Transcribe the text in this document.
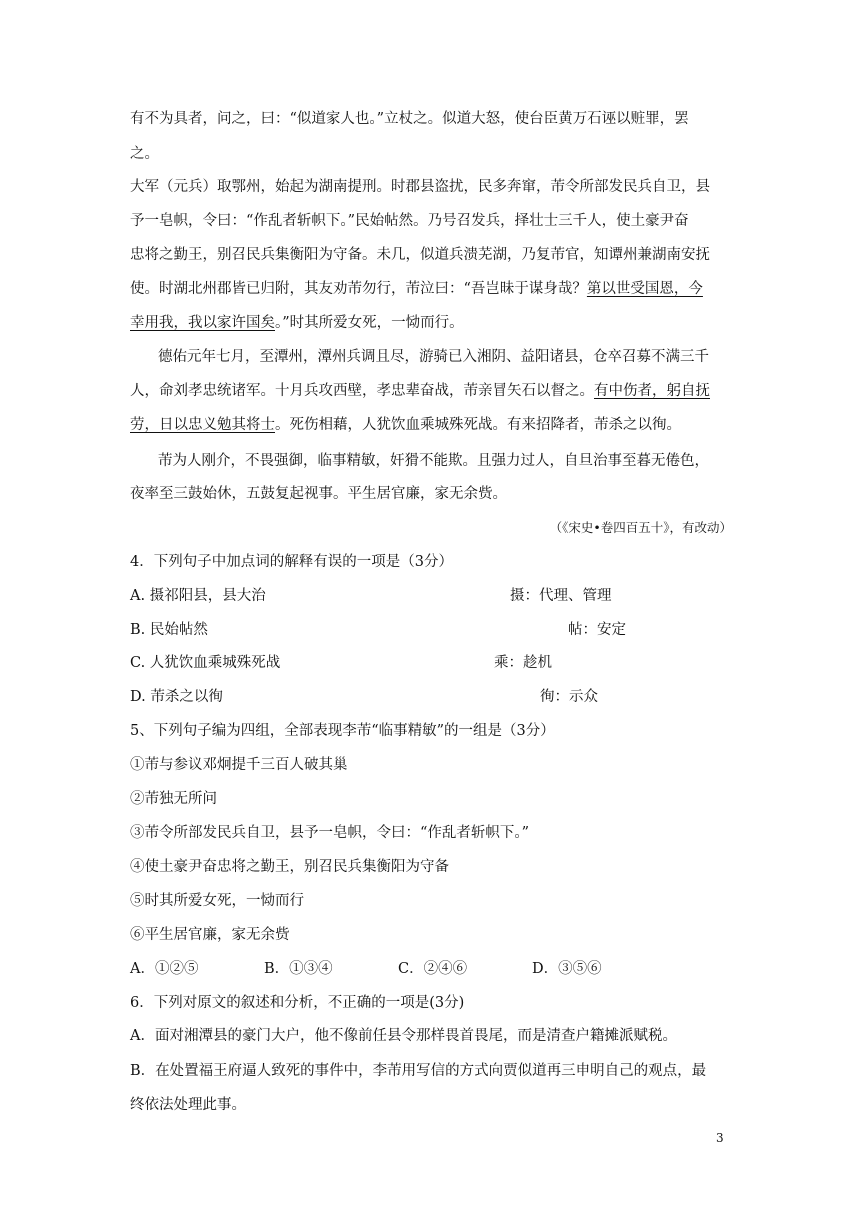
有不为具者，问之，曰：“似道家人也。”立杖之。似道大怒，使台臣黄万石诬以赃罪，罢
之。
大军（元兵）取鄂州，始起为湖南提刑。时郡县盗扰，民多奔窜，芾令所部发民兵自卫，县
予一皂帜，令曰：“作乱者斩帜下。”民始帖然。乃号召发兵，择壮士三千人，使土豪尹奋
忠将之勤王，别召民兵集衡阳为守备。未几，似道兵溃芜湖，乃复芾官，知谭州兼湖南安抚
使。时湖北州郡皆已归附，其友劝芾勿行，芾泣曰：“吾岂昧于谋身哉？第以世受国恩，今
幸用我，我以家许国矣。”时其所爱女死，一恸而行。
德佑元年七月，至潭州，潭州兵调且尽，游骑已入湘阴、益阳诸县，仓卒召募不满三千
人，命刘孝忠统诸军。十月兵攻西壁，孝忠辈奋战，芾亲冒矢石以督之。有中伤者，躬自抚
劳，日以忠义勉其将士。死伤相藉，人犹饮血乘城殊死战。有来招降者，芾杀之以徇。
芾为人刚介，不畏强御，临事精敏，奸猾不能欺。且强力过人，自旦治事至暮无倦色，
夜率至三鼓始休，五鼓复起视事。平生居官廉，家无余赀。
（《宋史•卷四百五十》，有改动）
4．下列句子中加点词的解释有误的一项是（3分）
A. 摄祁阳县，县大治	摄：代理、管理
B. 民始帖然	帖：安定
C. 人犹饮血乘城殊死战	乘：趁机
D. 芾杀之以徇	徇：示众
5、下列句子编为四组，全部表现李芾“临事精敏”的一组是（3分）
①芾与参议邓炯提千三百人破其巢
②芾独无所问
③芾令所部发民兵自卫，县予一皂帜，令曰：“作乱者斩帜下。”
④使土豪尹奋忠将之勤王，别召民兵集衡阳为守备
⑤时其所爱女死，一恸而行
⑥平生居官廉，家无余赀
A．①②⑤	B．①③④	C．②④⑥	D．③⑤⑥
6．下列对原文的叙述和分析，不正确的一项是(3分)
A．面对湘潭县的豪门大户，他不像前任县令那样畏首畏尾，而是清查户籍摊派赋税。
B．在处置福王府逼人致死的事件中，李芾用写信的方式向贾似道再三申明自己的观点，最
终依法处理此事。
3
